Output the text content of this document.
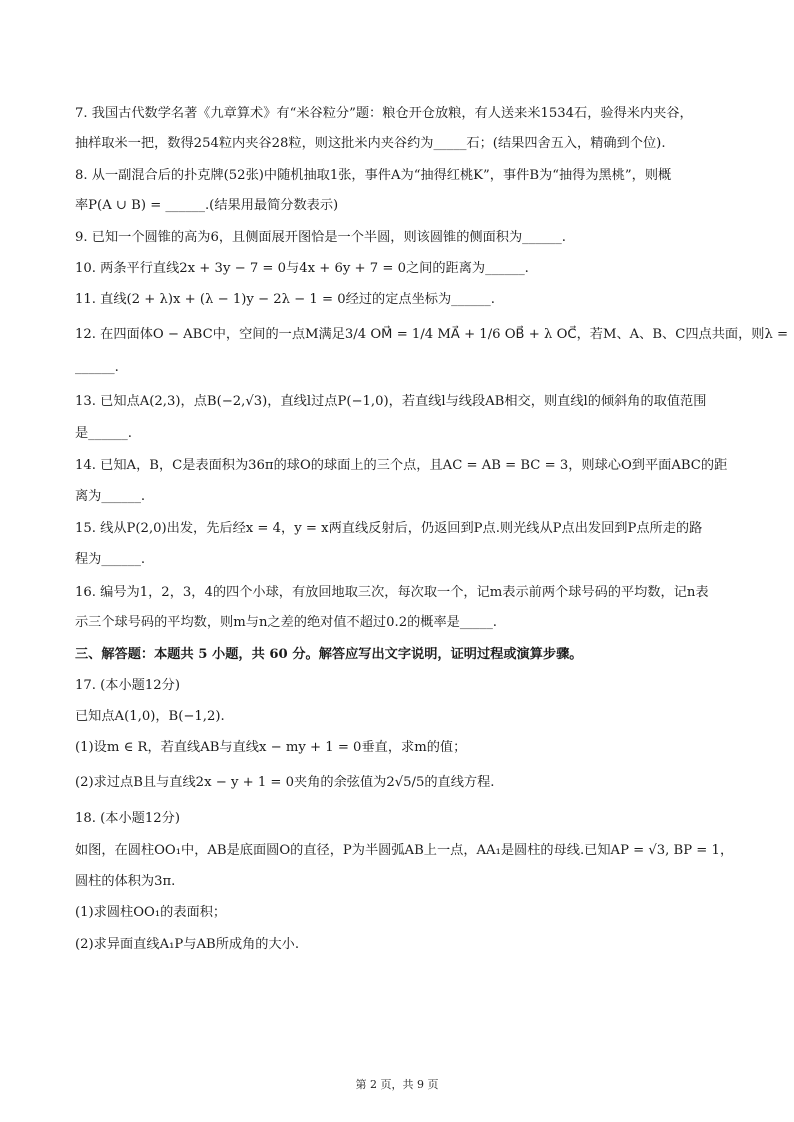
7. 我国古代数学名著《九章算术》有“米谷粒分”题：粮仓开仓放粮，有人送来米1534石，验得米内夹谷，
抽样取米一把，数得254粒内夹谷28粒，则这批米内夹谷约为_____石；(结果四舍五入，精确到个位).
8. 从一副混合后的扑克牌(52张)中随机抽取1张，事件A为“抽得红桃K”，事件B为“抽得为黑桃”，则概
率P(A ∪ B) = ______.(结果用最简分数表示)
9. 已知一个圆锥的高为6，且侧面展开图恰是一个半圆，则该圆锥的侧面积为______.
10. 两条平行直线2x + 3y − 7 = 0与4x + 6y + 7 = 0之间的距离为______.
11. 直线(2 + λ)x + (λ − 1)y − 2λ − 1 = 0经过的定点坐标为______.
12. 在四面体O − ABC中，空间的一点M满足3/4 OM⃗ = 1/4 MA⃗ + 1/6 OB⃗ + λ OC⃗，若M、A、B、C四点共面，则λ =
______.
13. 已知点A(2,3)，点B(−2,√3)，直线l过点P(−1,0)，若直线l与线段AB相交，则直线l的倾斜角的取值范围
是______.
14. 已知A，B，C是表面积为36π的球O的球面上的三个点，且AC = AB = BC = 3，则球心O到平面ABC的距
离为______.
15. 线从P(2,0)出发，先后经x = 4，y = x两直线反射后，仍返回到P点.则光线从P点出发回到P点所走的路
程为______.
16. 编号为1，2，3，4的四个小球，有放回地取三次，每次取一个，记m表示前两个球号码的平均数，记n表
示三个球号码的平均数，则m与n之差的绝对值不超过0.2的概率是_____.
三、解答题：本题共 5 小题，共 60 分。解答应写出文字说明，证明过程或演算步骤。
17. (本小题12分)
已知点A(1,0)，B(−1,2).
(1)设m ∈ R，若直线AB与直线x − my + 1 = 0垂直，求m的值；
(2)求过点B且与直线2x − y + 1 = 0夹角的余弦值为2√5/5的直线方程.
18. (本小题12分)
如图，在圆柱OO₁中，AB是底面圆O的直径，P为半圆弧AB上一点，AA₁是圆柱的母线.已知AP = √3, BP = 1，
圆柱的体积为3π.
(1)求圆柱OO₁的表面积；
(2)求异面直线A₁P与AB所成角的大小.
第 2 页，共 9 页
